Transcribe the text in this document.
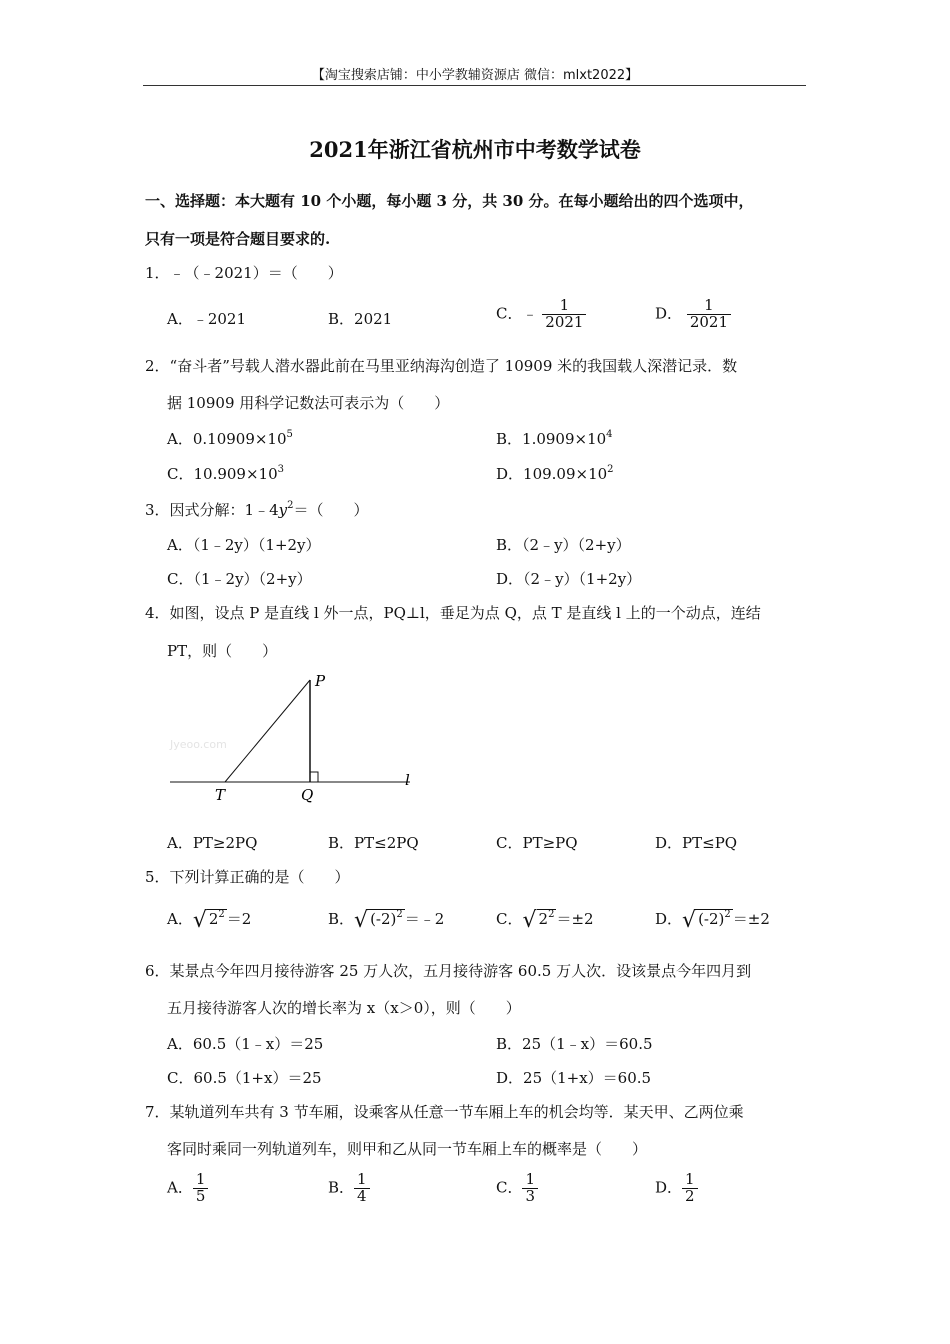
【淘宝搜索店铺：中小学教辅资源店 微信：mlxt2022】
2021年浙江省杭州市中考数学试卷
一、选择题：本大题有 10 个小题，每小题 3 分，共 30 分。在每小题给出的四个选项中，
只有一项是符合题目要求的.
1．﹣（﹣2021）＝（　　）
A．﹣2021	B．2021	C．﹣ $\frac{1}{2021}$	D． $\frac{1}{2021}$
2．“奋斗者”号载人潜水器此前在马里亚纳海沟创造了 10909 米的我国载人深潜记录．数
据 10909 用科学记数法可表示为（　　）
A．$0.10909\times 10^5$	B．$1.0909\times 10^4$
C．$10.909\times 10^3$	D．$109.09\times 10^2$
3．因式分解：$1﹣4y^2=$（　　）
A．（1﹣2y）（1+2y）	B．（2﹣y）（2+y）
C．（1﹣2y）（2+y）	D．（2﹣y）（1+2y）
4．如图，设点 P 是直线 l 外一点，PQ⊥l，垂足为点 Q，点 T 是直线 l 上的一个动点，连结
PT，则（　　）
P
Q
T
l
Jyeoo.com
A．PT≥2PQ	B．PT≤2PQ	C．PT≥PQ	D．PT≤PQ
5．下列计算正确的是（　　）
A．√ $2^2 =2$	B．√ $(-2)^2$ ＝﹣2	C．√ $2^2 =\pm 2$	D．√ $(-2)^2 =\pm 2$
6．某景点今年四月接待游客 25 万人次，五月接待游客 60.5 万人次．设该景点今年四月到
五月接待游客人次的增长率为 x（x＞0），则（　　）
A．60.5（1﹣x）＝25	B．25（1﹣x）＝60.5
C．60.5（1+x）＝25	D．25（1+x）＝60.5
7．某轨道列车共有 3 节车厢，设乘客从任意一节车厢上车的机会均等．某天甲、乙两位乘
客同时乘同一列轨道列车，则甲和乙从同一节车厢上车的概率是（　　）
A． $\frac{1}{5}$	B． $\frac{1}{4}$	C． $\frac{1}{3}$	D． $\frac{1}{2}$
